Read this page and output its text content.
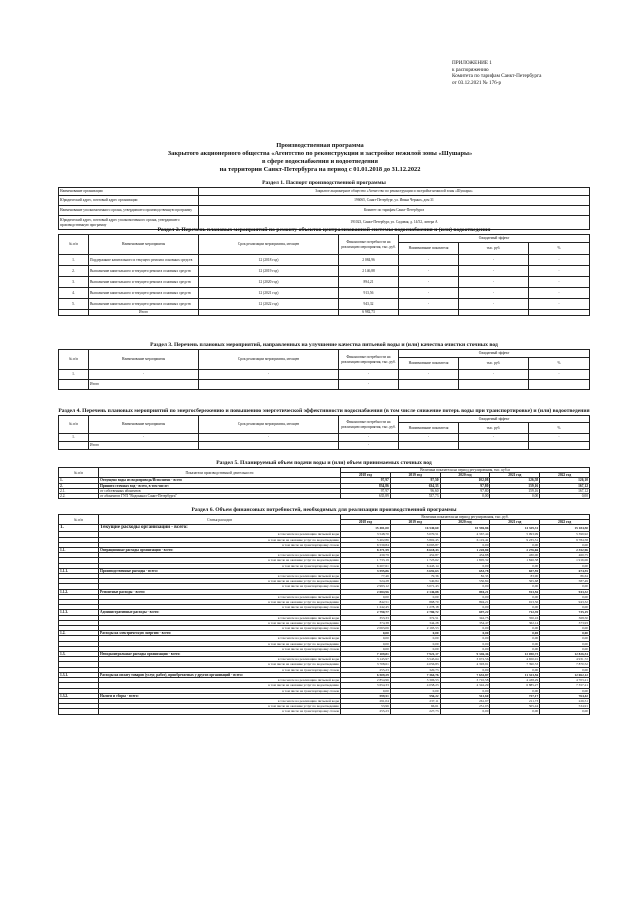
ПРИЛОЖЕНИЕ 1
к распоряжению
Комитета по тарифам Санкт-Петербурга
от 03.12.2021 № 176-р
Производственная программа
Закрытого акционерного общества «Агентство по реконструкции и застройке нежилой зоны «Шушары»
в сфере водоснабжения и водоотведения
на территории Санкт-Петербурга на период с 01.01.2018 до 31.12.2022
Раздел 1. Паспорт производственной программы
Наименование организации	Закрытое акционерное общество «Агентство по реконструкции и застройке нежилой зоны «Шушары»
Юридический адрес, почтовый адрес организации	196065, Санкт-Петербург, ул. Ивана Черных, дом 31
Наименование уполномоченного органа, утвердившего производственную программу	Комитет по тарифам Санкт-Петербурга
Юридический адрес, почтовый адрес уполномоченного органа, утвердившего производственную программу	191023, Санкт-Петербург, ул. Садовая, д. 14/52, литера А
Раздел 2. Перечень плановых мероприятий по ремонту объектов централизованной системы водоснабжения и (или) водоотведения
№ п/п	Наименование мероприятия	Срок реализации мероприятия, месяцев	Финансовые потребности на реализацию мероприятия, тыс. руб.	Ожидаемый эффект		
				Наименование показателя	тыс. руб.	%
1.	Поддержание капитального и текущего ремонта основных средств	12 (2018 год)	2 084,96	-	-	-
2.	Выполнение капитального и текущего ремонта основных средств	12 (2019 год)	2 146,88	-	-	-
3.	Выполнение капитального и текущего ремонта основных средств	12 (2020 год)	894,21	-	-	-
4.	Выполнение капитального и текущего ремонта основных средств	12 (2021 год)	913,56	-	-	-
5.	Выполнение капитального и текущего ремонта основных средств	12 (2022 год)	943,32	-	-	-
	Итого		6 982,73			
Раздел 3. Перечень плановых мероприятий, направленных на улучшение качества питьевой воды и (или) качества очистки сточных вод
№ п/п	Наименование мероприятия	Срок реализации мероприятия, месяцев	Финансовые потребности на реализацию мероприятия, тыс. руб.	Ожидаемый эффект		
				Наименование показателя	тыс. руб.	%
1.	-	-	-	-	-	-
	Итого		-			
Раздел 4. Перечень плановых мероприятий по энергосбережению и повышению энергетической эффективности водоснабжения (в том числе снижение потерь воды при транспортировке) и (или) водоотведения
№ п/п	Наименование мероприятия	Срок реализации мероприятия, месяцев	Финансовые потребности на реализацию мероприятия, тыс. руб.	Ожидаемый эффект		
				Наименование показателя	тыс. руб.	%
1.	-	-	-	-	-	-
	Итого		-			
Раздел 5. Планируемый объем подачи воды и (или) объем принимаемых сточных вод
№ п/п	Показатели производственной деятельности	Величина показателя на период регулирования, тыс. куб.м				
		2018 год	2019 год	2020 год	2021 год	2022 год
1.	Отпущено воды из водопровода/Исполнено - всего	97,97	97,50	102,08	126,58	126,10
2.	Принято сточных вод - всего, в том числе:	834,86	634,33	97,80	159,16	167,12
2.1.	от собственных абонентов	97,97	96,60	97,80	159,16	167,12
2.2.	от абонентов ГУП "Водоканал Санкт-Петербурга"	635,89	537,73	0,00	0,00	0,00
Раздел 6. Объем финансовых потребностей, необходимых для реализации производственной программы
№ п/п	Статья расходов	Величина показателя на период регулирования, тыс. руб.				
		2018 год	2019 год	2020 год	2021 год	2022 год
1.	Текущие расходы организации - всего:	15 481,00	16 540,60	10 596,86	14 329,31	15 184,50
	в том числе на реализацию питьевой воды	3 548,70	5 070,51	4 367,44	5 093,99	5 399,92
	в том числе на оказание услуг по водоотведению	5 402,86	5 802,45	6 119,42	9 235,31	9 784,58
	в том числе на транспортировку стоков	6 530,84	6 093,87	0,00	0,00	0,00
1.1.	Операционные расходы организации - всего:	8 371,59	8 618,43	1 220,80	2 276,66	2 352,96
	в том числе на реализацию питьевой воды	430,79	452,87	434,88	430,00	460,75
	в том числе на оказание услуг по водоотведению	1 733,19	1 723,62	1 805,32	1 846,38	1 916,06
	в том числе на транспортировку стоков	6 207,61	6 443,14	0,00	0,00	0,00
1.1.1.	Производственные расходы - всего:	3 595,86	3 692,63	653,78	657,59	674,55
	в том числе на реализацию питьевой воды	77,46	79,36	82,33	83,90	86,64
	в том числе на оказание услуг по водоотведению	524,28	540,84	550,84	565,68	587,49
	в том числе на транспортировку стоков	2 993,12	3 071,43	0,00	0,00	0,00
1.1.2.	Ремонтные расходы - всего:	2 084,96	2 146,88	894,21	913,56	943,32
	в том числе на реализацию питьевой воды	0,00	0,00	0,00	0,00	0,00
	в том числе на оказание услуг по водоотведению	842,51	868,70	894,21	913,56	943,32
	в том числе на транспортировку стоков	1 242,45	1 278,18	0,00	0,00	0,00
1.1.3.	Административные расходы - всего:	2 790,77	2 780,72	697,22	712,39	735,19
	в том числе на реализацию питьевой воды	353,33	372,51	342,75	350,16	368,50
	в том числе на оказание услуг по водоотведению	374,38	344,28	354,47	362,14	373,93
	в том числе на транспортировку стоков	2 063,06	2 193,53	0,00	0,00	0,00
1.2.	Расходы на электрическую энергию - всего:	0,00	0,00	0,00	0,00	0,00
	в том числе на реализацию питьевой воды	0,00	0,00	0,00	0,00	0,00
	в том числе на оказание услуг по водоотведению	0,00	0,00	0,00	0,00	0,00
	в том числе на транспортировку стоков	0,00	0,00	0,00	0,00	0,00
1.3.	Неподконтрольные расходы организации - всего:	7 109,81	7 921,17	9 346,46	12 050,73	12 826,54
	в том числе на реализацию питьевой воды	3 145,97	3 543,64	3 972,56	4 650,01	4 931,72
	в том числе на оказание услуг по водоотведению	3 708,61	4 056,83	4 393,91	7 390,33	7 870,52
	в том числе на транспортировку стоков	255,23	320,73	0,00	0,00	0,00
1.3.1.	Расходы на оплату товаров (услуг, работ), приобретаемых у других организаций - всего:	6 509,29	7 364,76	7 632,87	11 323,56	12 062,12
	в том числе на реализацию питьевой воды	2 854,96	3 306,53	3 710,58	4 438,29	4 703,21
	в том числе на оказание услуг по водоотведению	3 654,33	4 058,23	4 342,29	6 885,27	7 357,21
	в том числе на транспортировку стоков	0,00	0,00	0,00	0,00	0,00
1.3.2.	Налоги и сборы - всего:	599,51	556,22	512,60	727,17	764,42
	в том числе на реализацию питьевой воды	291,04	237,11	261,97	211,73	226,51
	в том числе на оказание услуг по водоотведению	53,96	66,61	251,03	505,44	534,91
	в том числе на транспортировку стоков	255,23	227,73	0,00	0,00	0,00
